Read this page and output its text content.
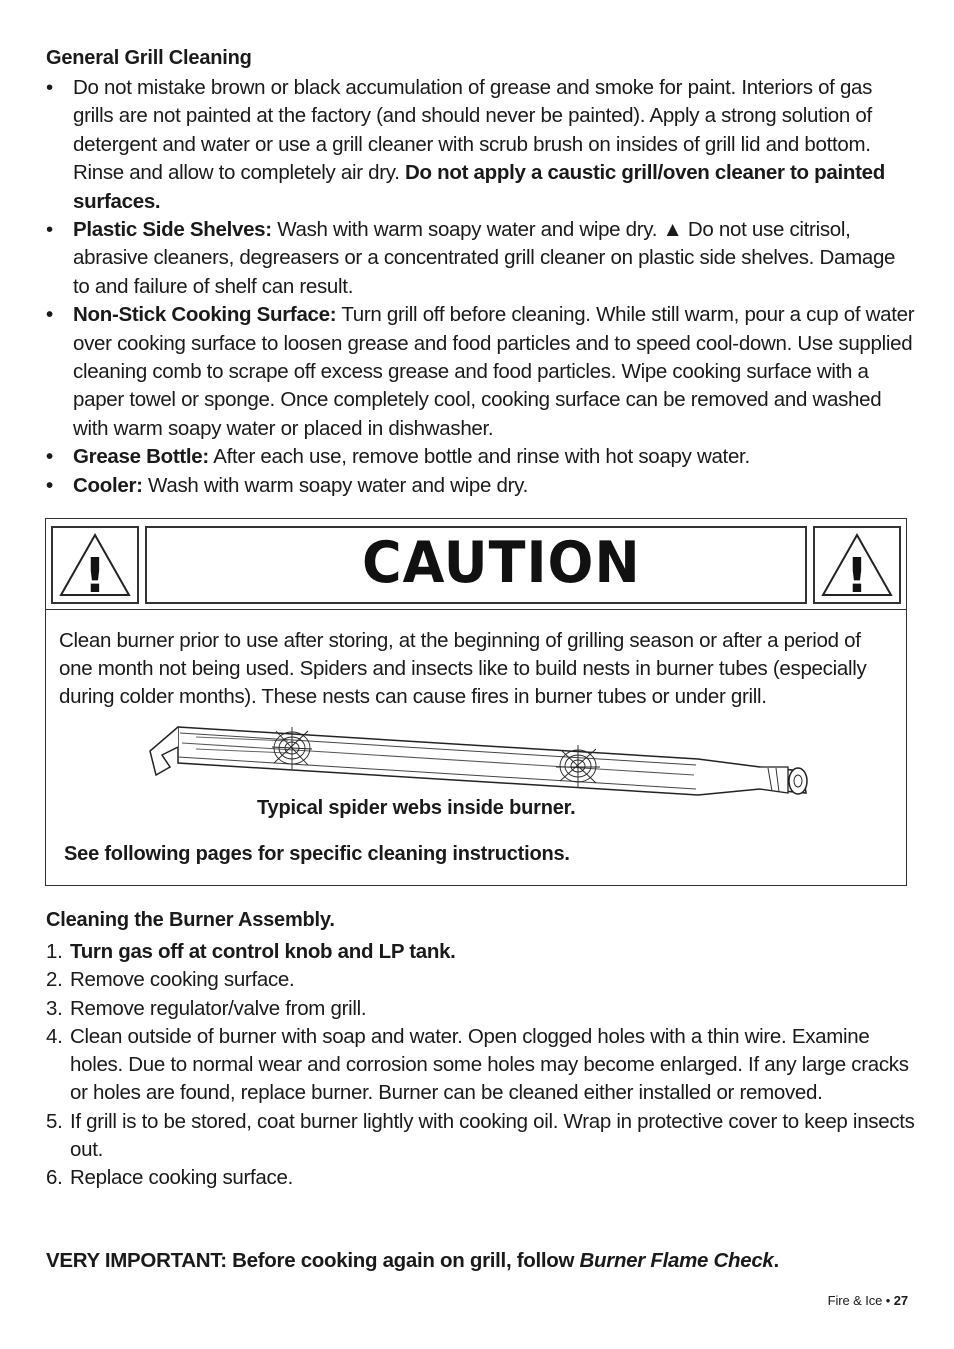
General Grill Cleaning
• Do not mistake brown or black accumulation of grease and smoke for paint. Interiors of gas grills are not painted at the factory (and should never be painted). Apply a strong solution of detergent and water or use a grill cleaner with scrub brush on insides of grill lid and bottom. Rinse and allow to completely air dry. Do not apply a caustic grill/oven cleaner to painted surfaces.
• Plastic Side Shelves: Wash with warm soapy water and wipe dry. ▲ Do not use citrisol, abrasive cleaners, degreasers or a concentrated grill cleaner on plastic side shelves. Damage to and failure of shelf can result.
• Non-Stick Cooking Surface: Turn grill off before cleaning. While still warm, pour a cup of water over cooking surface to loosen grease and food particles and to speed cool-down. Use supplied cleaning comb to scrape off excess grease and food particles. Wipe cooking surface with a paper towel or sponge. Once completely cool, cooking surface can be removed and washed with warm soapy water or placed in dishwasher.
• Grease Bottle: After each use, remove bottle and rinse with hot soapy water.
• Cooler: Wash with warm soapy water and wipe dry.
!	CAUTION	!
Clean burner prior to use after storing, at the beginning of grilling season or after a period of one month not being used. Spiders and insects like to build nests in burner tubes (especially during colder months). These nests can cause fires in burner tubes or under grill.
Typical spider webs inside burner.
See following pages for specific cleaning instructions.
Cleaning the Burner Assembly.
1. Turn gas off at control knob and LP tank.
2. Remove cooking surface.
3. Remove regulator/valve from grill.
4. Clean outside of burner with soap and water. Open clogged holes with a thin wire. Examine holes. Due to normal wear and corrosion some holes may become enlarged. If any large cracks or holes are found, replace burner. Burner can be cleaned either installed or removed.
5. If grill is to be stored, coat burner lightly with cooking oil. Wrap in protective cover to keep insects out.
6. Replace cooking surface.
VERY IMPORTANT: Before cooking again on grill, follow Burner Flame Check.
Fire & Ice • 27
